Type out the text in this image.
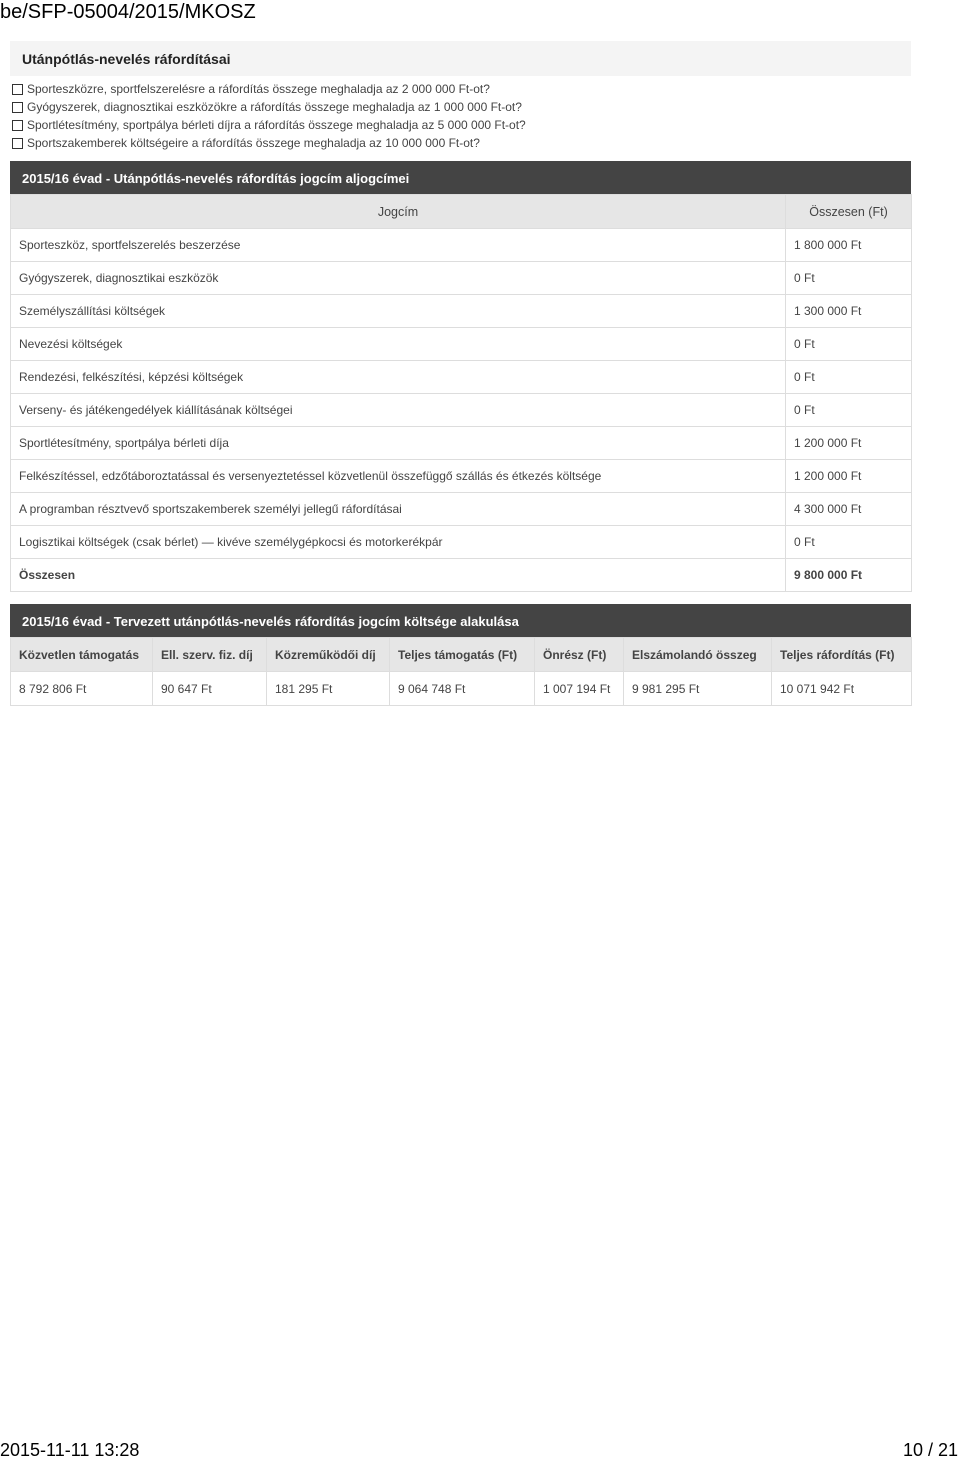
be/SFP-05004/2015/MKOSZ
Utánpótlás-nevelés ráfordításai
Sporteszközre, sportfelszerelésre a ráfordítás összege meghaladja az 2 000 000 Ft-ot?
Gyógyszerek, diagnosztikai eszközökre a ráfordítás összege meghaladja az 1 000 000 Ft-ot?
Sportlétesítmény, sportpálya bérleti díjra a ráfordítás összege meghaladja az 5 000 000 Ft-ot?
Sportszakemberek költségeire a ráfordítás összege meghaladja az 10 000 000 Ft-ot?
2015/16 évad - Utánpótlás-nevelés ráfordítás jogcím aljogcímei
Jogcím	Összesen (Ft)
Sporteszköz, sportfelszerelés beszerzése	1 800 000 Ft
Gyógyszerek, diagnosztikai eszközök	0 Ft
Személyszállítási költségek	1 300 000 Ft
Nevezési költségek	0 Ft
Rendezési, felkészítési, képzési költségek	0 Ft
Verseny- és játékengedélyek kiállításának költségei	0 Ft
Sportlétesítmény, sportpálya bérleti díja	1 200 000 Ft
Felkészítéssel, edzőtáboroztatással és versenyeztetéssel közvetlenül összefüggő szállás és étkezés költsége	1 200 000 Ft
A programban résztvevő sportszakemberek személyi jellegű ráfordításai	4 300 000 Ft
Logisztikai költségek (csak bérlet) ― kivéve személygépkocsi és motorkerékpár	0 Ft
Összesen	9 800 000 Ft
2015/16 évad - Tervezett utánpótlás-nevelés ráfordítás jogcím költsége alakulása
Közvetlen támogatás	Ell. szerv. fiz. díj	Közreműködői díj	Teljes támogatás (Ft)	Önrész (Ft)	Elszámolandó összeg	Teljes ráfordítás (Ft)
8 792 806 Ft	90 647 Ft	181 295 Ft	9 064 748 Ft	1 007 194 Ft	9 981 295 Ft	10 071 942 Ft
2015-11-11 13:28	10 / 21
